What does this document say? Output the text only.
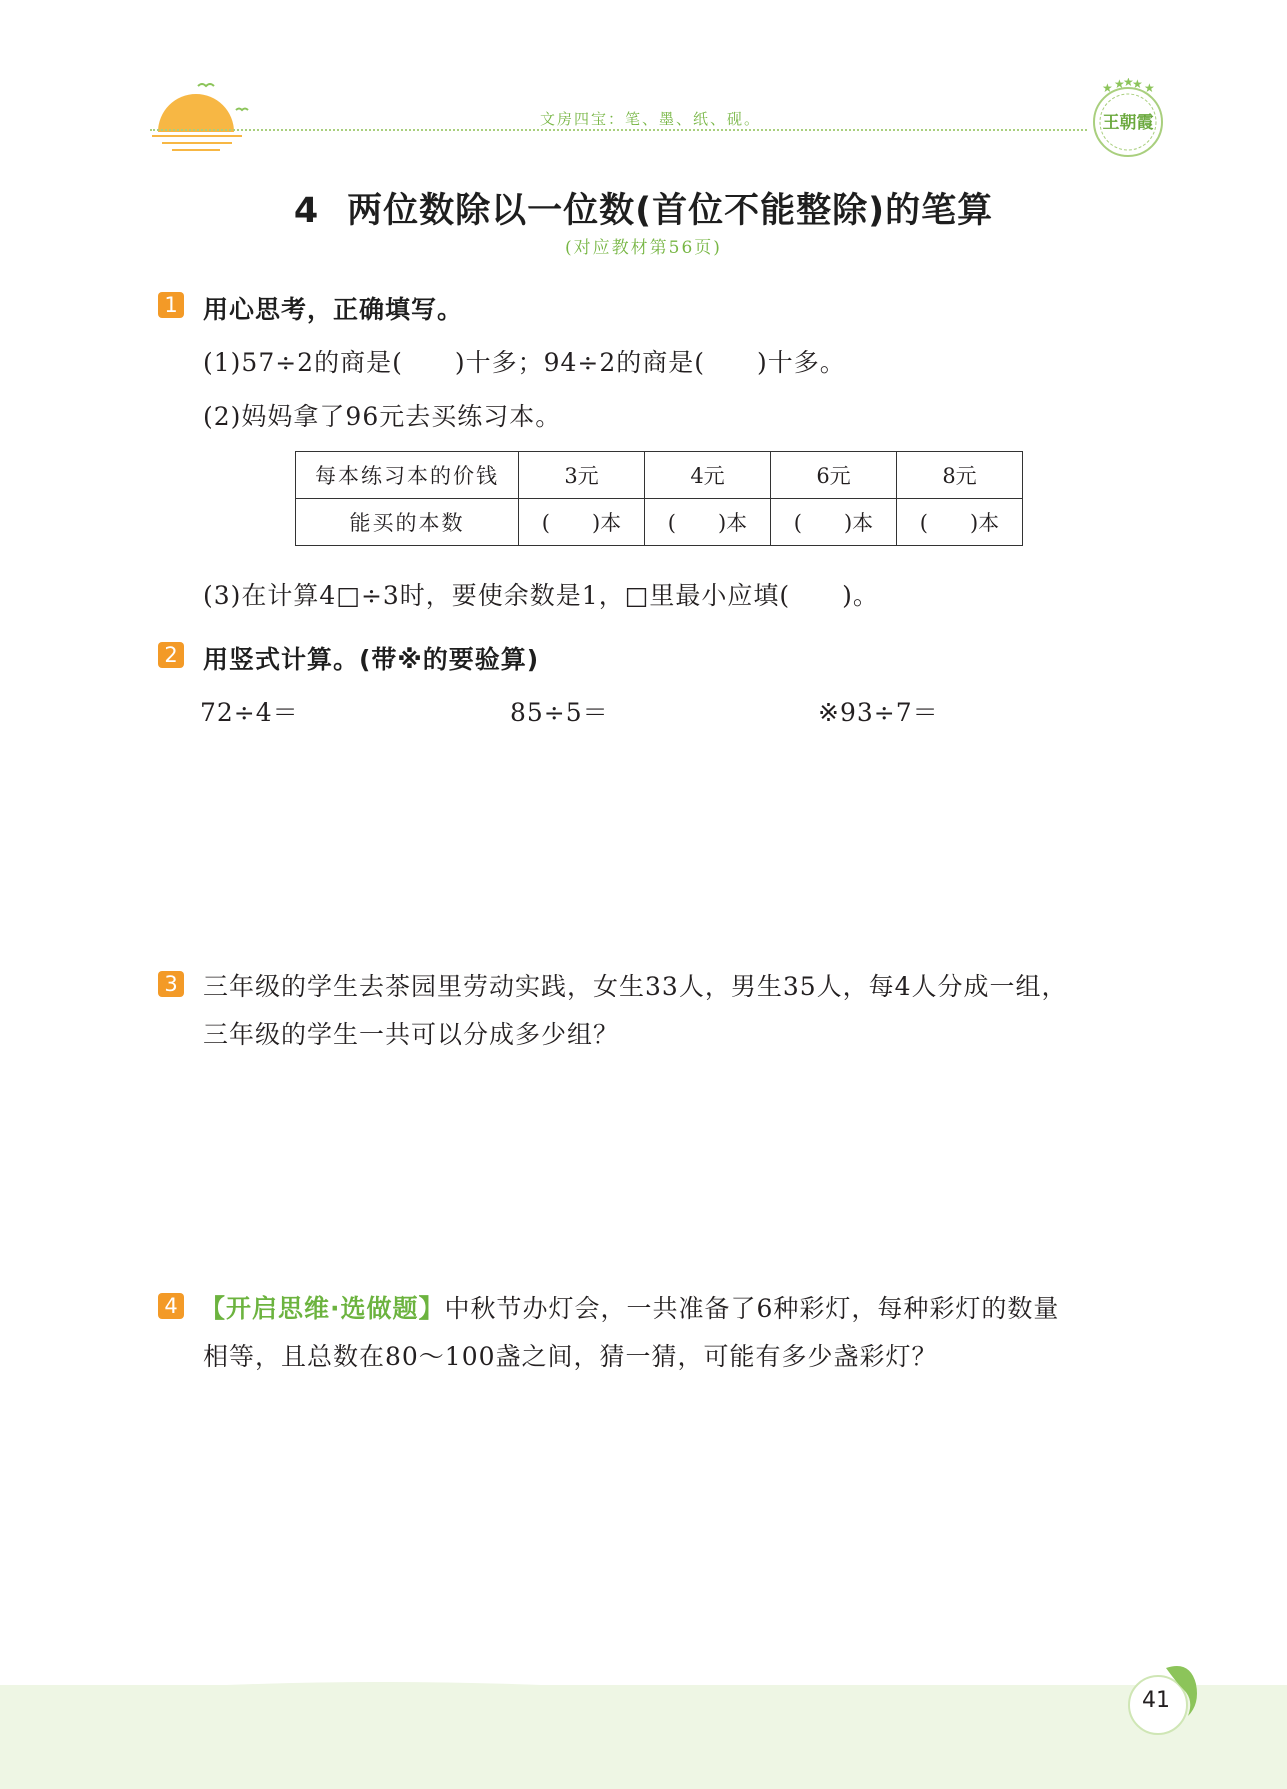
文房四宝：笔、墨、纸、砚。
★ ★
★
★ ★
王朝霞
4 两位数除以一位数(首位不能整除)的笔算
(对应教材第56页)
1 用心思考，正确填写。
(1)57÷2的商是(　　)十多；94÷2的商是(　　)十多。
(2)妈妈拿了96元去买练习本。
每本练习本的价钱	3元	4元	6元	8元
能买的本数	(　　)本	(　　)本	(　　)本	(　　)本
(3)在计算4□÷3时，要使余数是1，□里最小应填(　　)。
2 用竖式计算。(带※的要验算)
72÷4＝	85÷5＝	※93÷7＝
3 三年级的学生去茶园里劳动实践，女生33人，男生35人，每4人分成一组，
三年级的学生一共可以分成多少组？
4 【开启思维·选做题】中秋节办灯会，一共准备了6种彩灯，每种彩灯的数量
相等，且总数在80～100盏之间，猜一猜，可能有多少盏彩灯？
41
